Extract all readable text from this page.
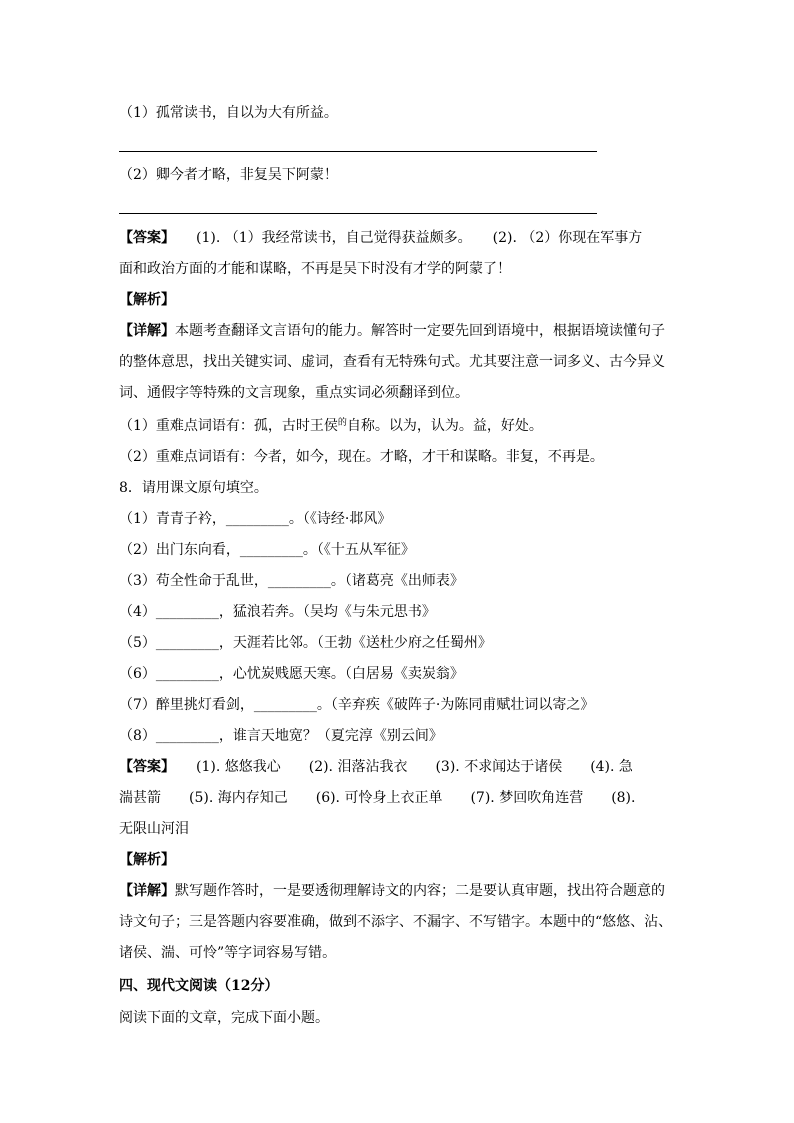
（1）孤常读书，自以为大有所益。
（2）卿今者才略，非复吴下阿蒙！
【答案】　　(1). （1）我经常读书，自己觉得获益颇多。　　(2). （2）你现在军事方
面和政治方面的才能和谋略，不再是吴下时没有才学的阿蒙了！
【解析】
【详解】本题考查翻译文言语句的能力。解答时一定要先回到语境中，根据语境读懂句子
的整体意思，找出关键实词、虚词，查看有无特殊句式。尤其要注意一词多义、古今异义
词、通假字等特殊的文言现象，重点实词必须翻译到位。
（1）重难点词语有：孤，古时王侯$^的$自称。以为，认为。益，好处。
（2）重难点词语有：今者，如今，现在。才略，才干和谋略。非复，不再是。
8．请用课文原句填空。
（1）青青子衿，_________。（《诗经·邶风》
（2）出门东向看，_________。（《十五从军征》
（3）苟全性命于乱世，_________。（诸葛亮《出师表》
（4）_________，猛浪若奔。（吴均《与朱元思书》
（5）_________，天涯若比邻。（王勃《送杜少府之任蜀州》
（6）_________，心忧炭贱愿天寒。（白居易《卖炭翁》
（7）醉里挑灯看剑，_________。（辛弃疾《破阵子·为陈同甫赋壮词以寄之》
（8）_________，谁言天地宽？（夏完淳《别云间》
【答案】　　(1). 悠悠我心　　(2). 泪落沾我衣　　(3). 不求闻达于诸侯　　(4). 急
湍甚箭　　(5). 海内存知己　　(6). 可怜身上衣正单　　(7). 梦回吹角连营　　(8).
无限山河泪
【解析】
【详解】默写题作答时，一是要透彻理解诗文的内容；二是要认真审题，找出符合题意的
诗文句子；三是答题内容要准确，做到不添字、不漏字、不写错字。本题中的“悠悠、沾、
诸侯、湍、可怜”等字词容易写错。
四、现代文阅读（12分）
阅读下面的文章，完成下面小题。
